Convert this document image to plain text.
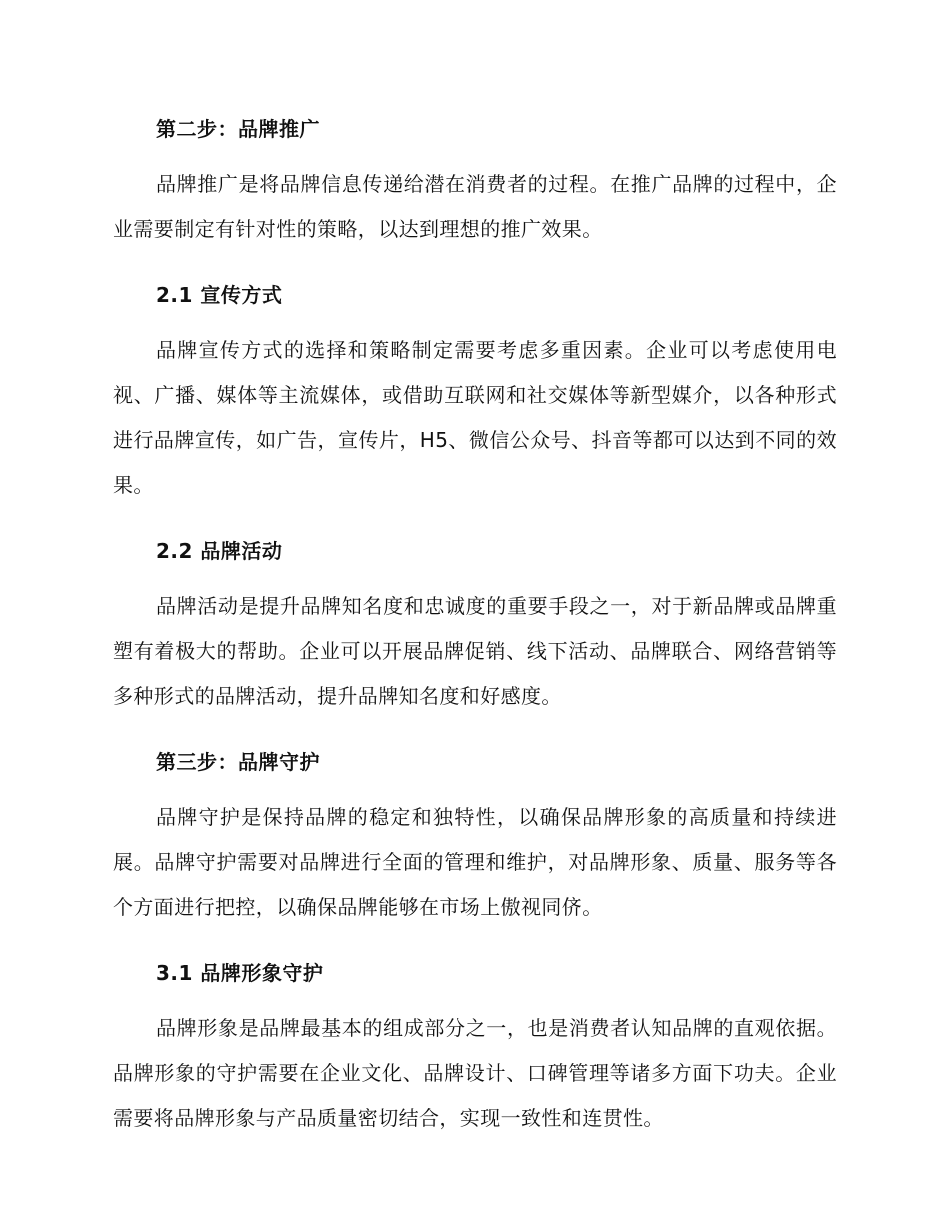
第二步：品牌推广

品牌推广是将品牌信息传递给潜在消费者的过程。在推广品牌的过程中，企业需要制定有针对性的策略，以达到理想的推广效果。

2.1 宣传方式

品牌宣传方式的选择和策略制定需要考虑多重因素。企业可以考虑使用电视、广播、媒体等主流媒体，或借助互联网和社交媒体等新型媒介，以各种形式进行品牌宣传，如广告，宣传片，H5、微信公众号、抖音等都可以达到不同的效果。

2.2 品牌活动

品牌活动是提升品牌知名度和忠诚度的重要手段之一，对于新品牌或品牌重塑有着极大的帮助。企业可以开展品牌促销、线下活动、品牌联合、网络营销等多种形式的品牌活动，提升品牌知名度和好感度。

第三步：品牌守护

品牌守护是保持品牌的稳定和独特性，以确保品牌形象的高质量和持续进展。品牌守护需要对品牌进行全面的管理和维护，对品牌形象、质量、服务等各个方面进行把控，以确保品牌能够在市场上傲视同侪。

3.1 品牌形象守护

品牌形象是品牌最基本的组成部分之一，也是消费者认知品牌的直观依据。品牌形象的守护需要在企业文化、品牌设计、口碑管理等诸多方面下功夫。企业需要将品牌形象与产品质量密切结合，实现一致性和连贯性。
